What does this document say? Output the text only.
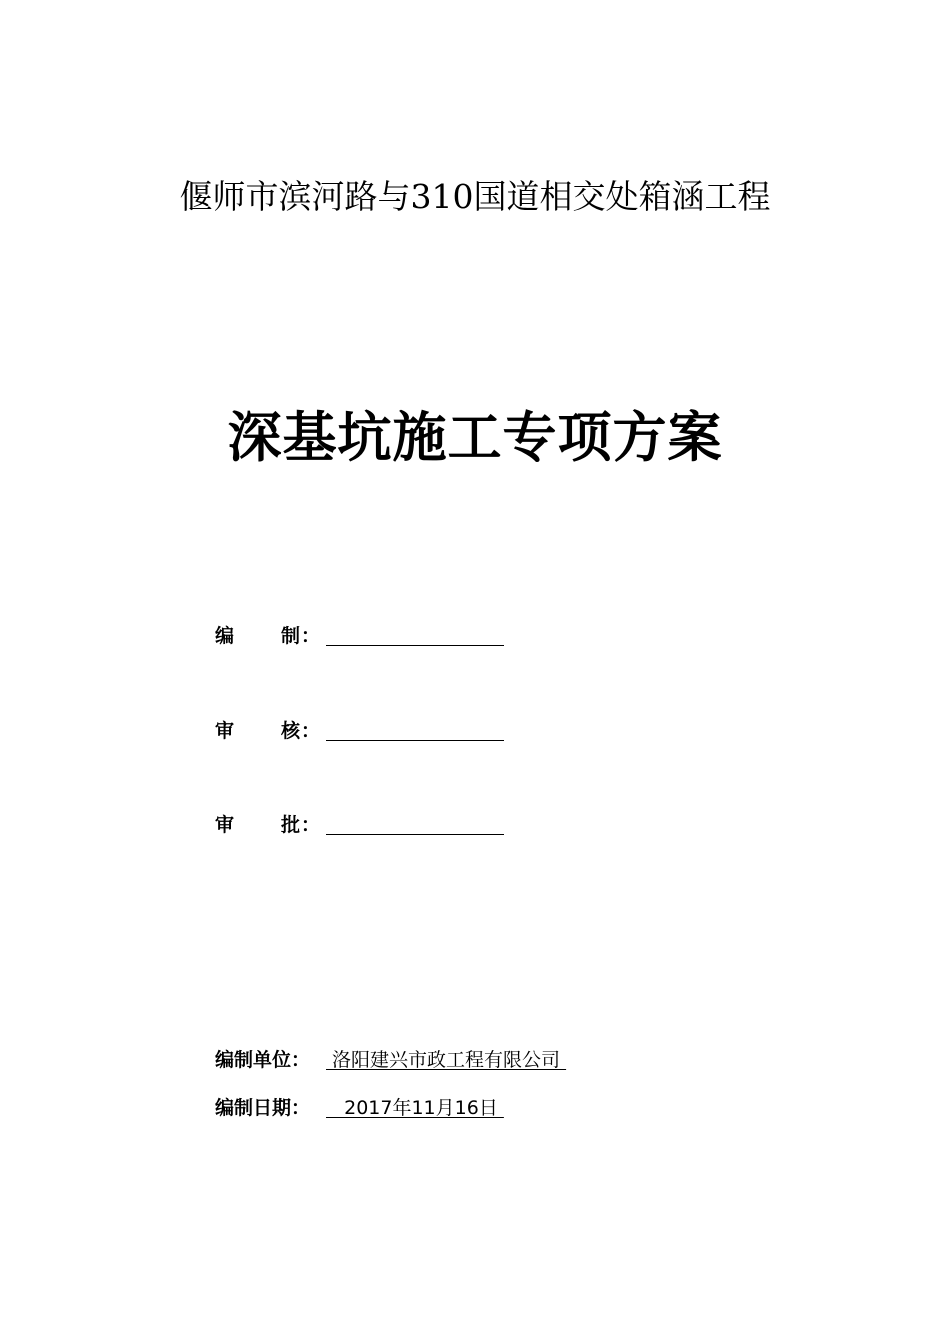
偃师市滨河路与310国道相交处箱涵工程
深基坑施工专项方案
编 制 ：
审 核 ：
审 批 ：
编制单位： 洛阳建兴市政工程有限公司
编制日期： 2017年11月16日
